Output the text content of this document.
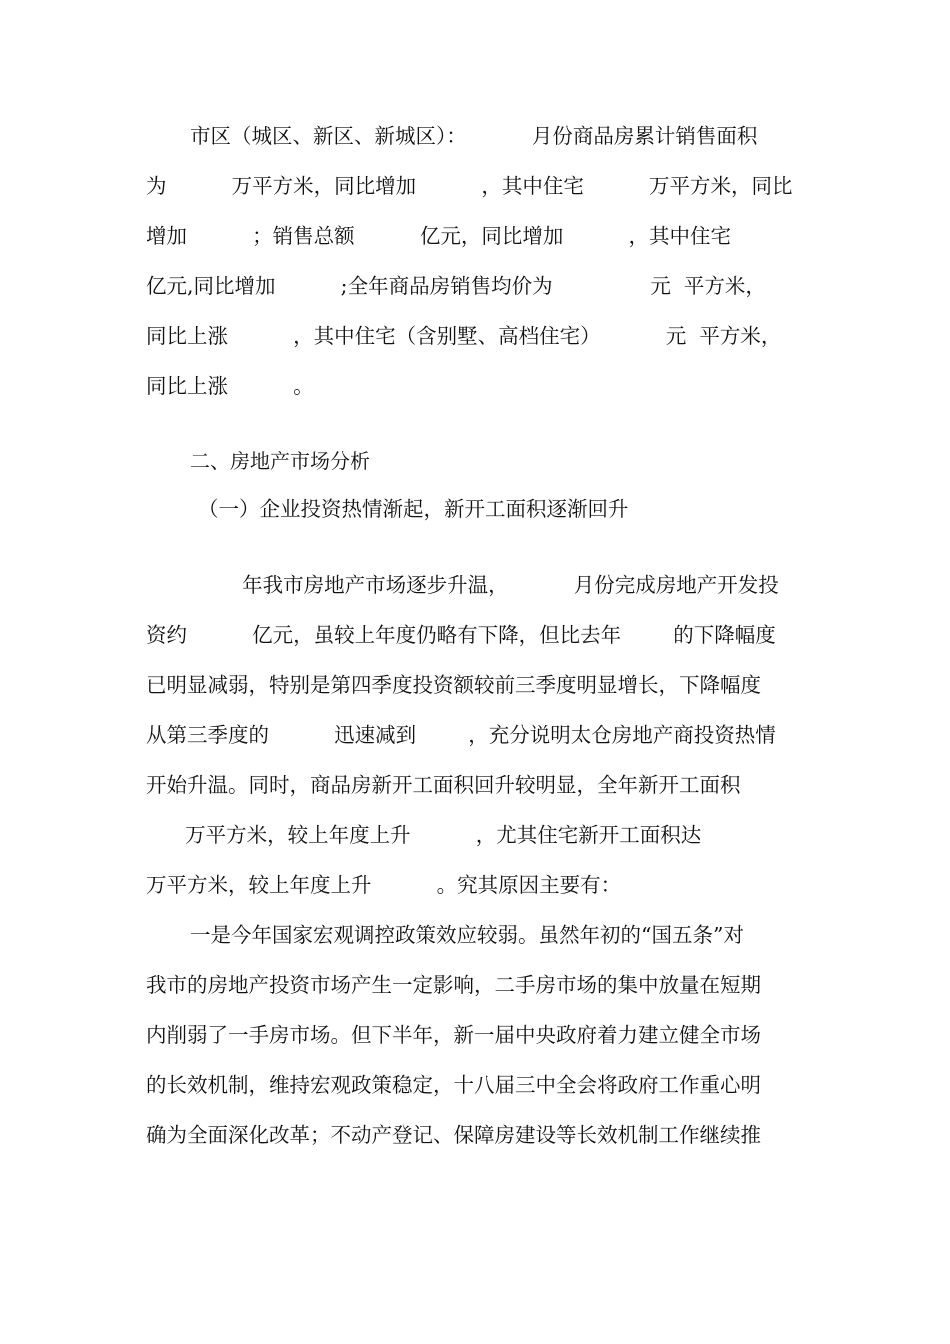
市区（城区、新区、新城区）：          月份商品房累计销售面积
为          万平方米，同比增加          ，其中住宅          万平方米，同比
增加          ；销售总额          亿元，同比增加          ，其中住宅
亿元,同比增加          ;全年商品房销售均价为               元  平方米，
同比上涨          ，其中住宅（含别墅、高档住宅）          元  平方米，
同比上涨          。
二、房地产市场分析
（一）企业投资热情渐起，新开工面积逐渐回升
年我市房地产市场逐步升温，          月份完成房地产开发投
资约          亿元，虽较上年度仍略有下降，但比去年        的下降幅度
已明显减弱，特别是第四季度投资额较前三季度明显增长，下降幅度
从第三季度的          迅速减到        ，充分说明太仓房地产商投资热情
开始升温。同时，商品房新开工面积回升较明显，全年新开工面积
万平方米，较上年度上升          ，尤其住宅新开工面积达
万平方米，较上年度上升          。究其原因主要有：
一是今年国家宏观调控政策效应较弱。虽然年初的“国五条”对
我市的房地产投资市场产生一定影响，二手房市场的集中放量在短期
内削弱了一手房市场。但下半年，新一届中央政府着力建立健全市场
的长效机制，维持宏观政策稳定，十八届三中全会将政府工作重心明
确为全面深化改革；不动产登记、保障房建设等长效机制工作继续推
